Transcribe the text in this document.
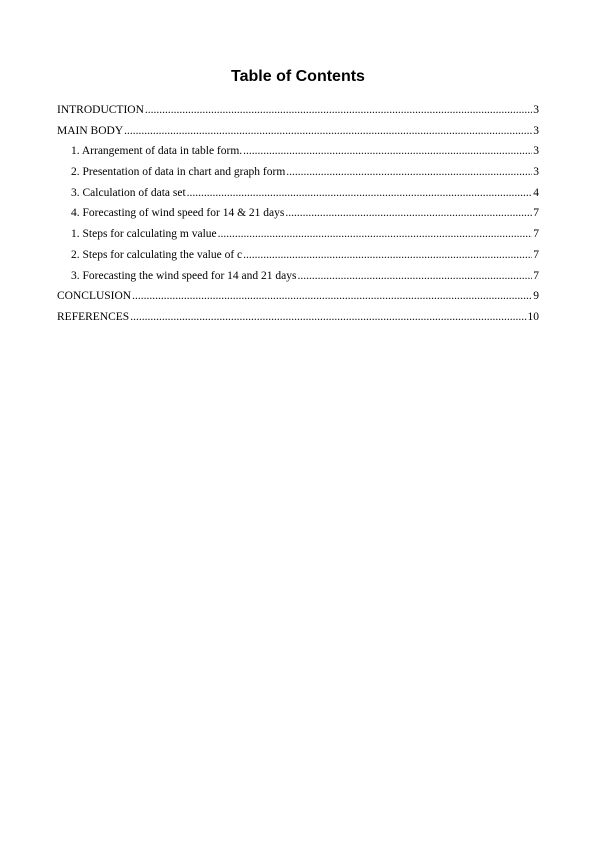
Table of Contents
INTRODUCTION .....	3
MAIN BODY .....	3
1. Arrangement of data in table form. .....	3
2. Presentation of data in chart and graph form .....	3
3. Calculation of data set .....	4
4. Forecasting of wind speed for 14 & 21 days .....	7
1. Steps for calculating m value .....	7
2. Steps for calculating the value of c .....	7
3. Forecasting the wind speed for 14 and 21 days .....	7
CONCLUSION .....	9
REFERENCES .....	10
